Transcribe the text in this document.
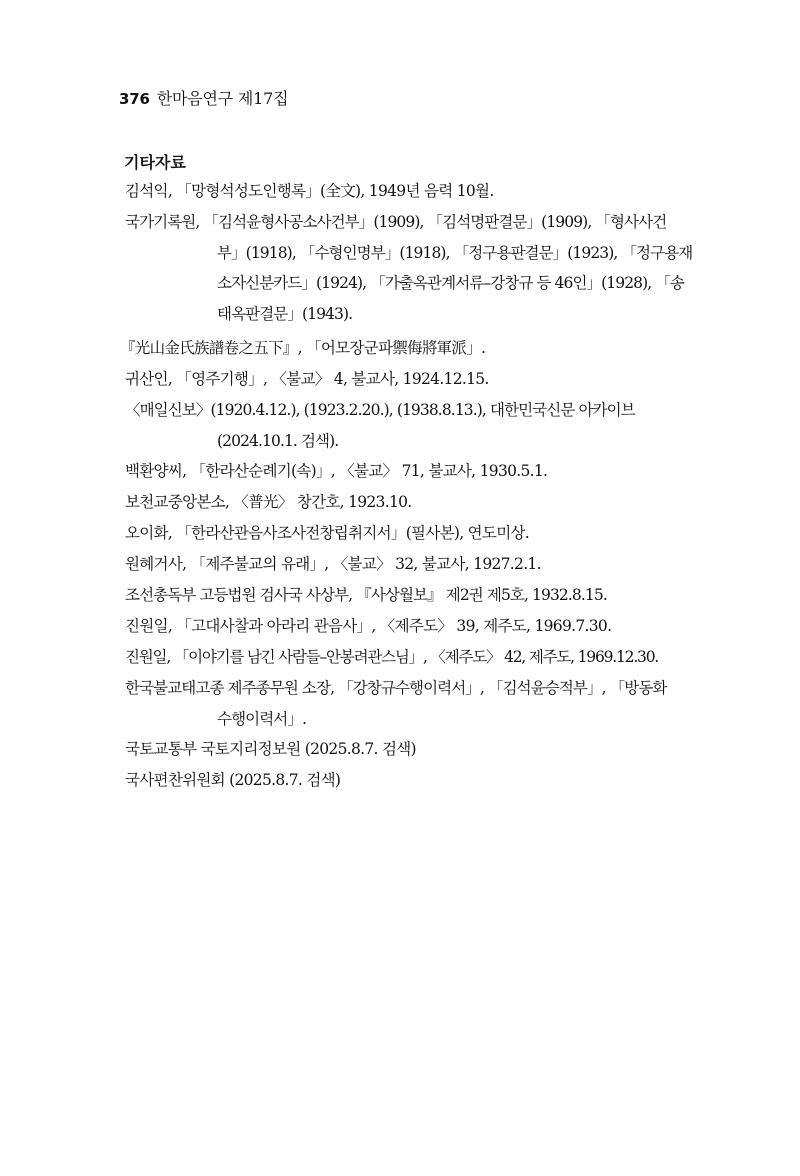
376 한마음연구 제17집
기타자료
김석익, 「망형석성도인행록」(全文), 1949년 음력 10월.
국가기록원, 「김석윤형사공소사건부」(1909), 「김석명판결문」(1909), 「형사사건
부」(1918), 「수형인명부」(1918), 「정구용판결문」(1923), 「정구용재
소자신분카드」(1924), 「가출옥관계서류–강창규 등 46인」(1928), 「송
태옥판결문」(1943).
『光山金氏族譜卷之五下』, 「어모장군파禦侮將軍派」.
귀산인, 「영주기행」, 〈불교〉 4, 불교사, 1924.12.15.
〈매일신보〉(1920.4.12.), (1923.2.20.), (1938.8.13.), 대한민국신문 아카이브
(2024.10.1. 검색).
백환양씨, 「한라산순례기(속)」, 〈불교〉 71, 불교사, 1930.5.1.
보천교중앙본소, 〈普光〉 창간호, 1923.10.
오이화, 「한라산관음사조사전창립취지서」(필사본), 연도미상.
원혜거사, 「제주불교의 유래」, 〈불교〉 32, 불교사, 1927.2.1.
조선총독부 고등법원 검사국 사상부, 『사상월보』 제2권 제5호, 1932.8.15.
진원일, 「고대사찰과 아라리 관음사」, 〈제주도〉 39, 제주도, 1969.7.30.
진원일, 「이야기를 남긴 사람들–안봉려관스님」, 〈제주도〉 42, 제주도, 1969.12.30.
한국불교태고종 제주종무원 소장, 「강창규수행이력서」, 「김석윤승적부」, 「방동화
수행이력서」.
국토교통부 국토지리정보원 (2025.8.7. 검색)
국사편찬위원회 (2025.8.7. 검색)
